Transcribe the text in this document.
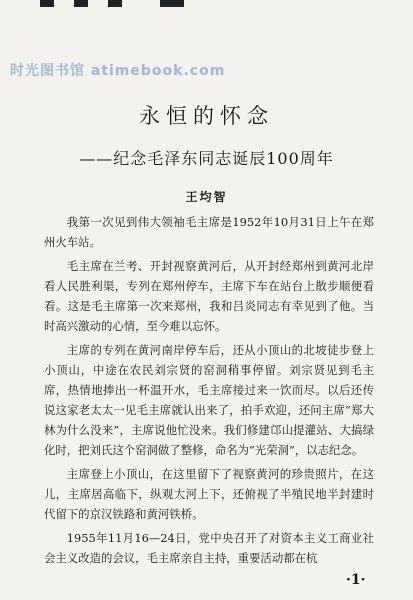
时光图书馆 atimebook.com
永恒的怀念
——纪念毛泽东同志诞辰100周年
王均智

我第一次见到伟大领袖毛主席是1952年10月31日上午在郑州火车站。

毛主席在兰考、开封视察黄河后，从开封经郑州到黄河北岸看人民胜利渠，专列在郑州停车，主席下车在站台上散步顺便看看。这是毛主席第一次来郑州，我和吕炎同志有幸见到了他。当时高兴激动的心情，至今难以忘怀。

主席的专列在黄河南岸停车后，还从小顶山的北坡徒步登上小顶山，中途在农民刘宗贤的窑洞稍事停留。刘宗贤见到毛主席，热情地捧出一杯温开水，毛主席接过来一饮而尽。以后还传说这家老太太一见毛主席就认出来了，拍手欢迎，还问主席“郑大林为什么没来”，主席说他忙没来。我们修建邙山提灌站、大搞绿化时，把刘氏这个窑洞做了整修，命名为“光荣洞”，以志纪念。

主席登上小顶山，在这里留下了视察黄河的珍贵照片，在这儿，主席居高临下，纵观大河上下，还俯视了半殖民地半封建时代留下的京汉铁路和黄河铁桥。

1955年11月16—24日，党中央召开了对资本主义工商业社会主义改造的会议，毛主席亲自主持，重要活动都在杭

·1·
